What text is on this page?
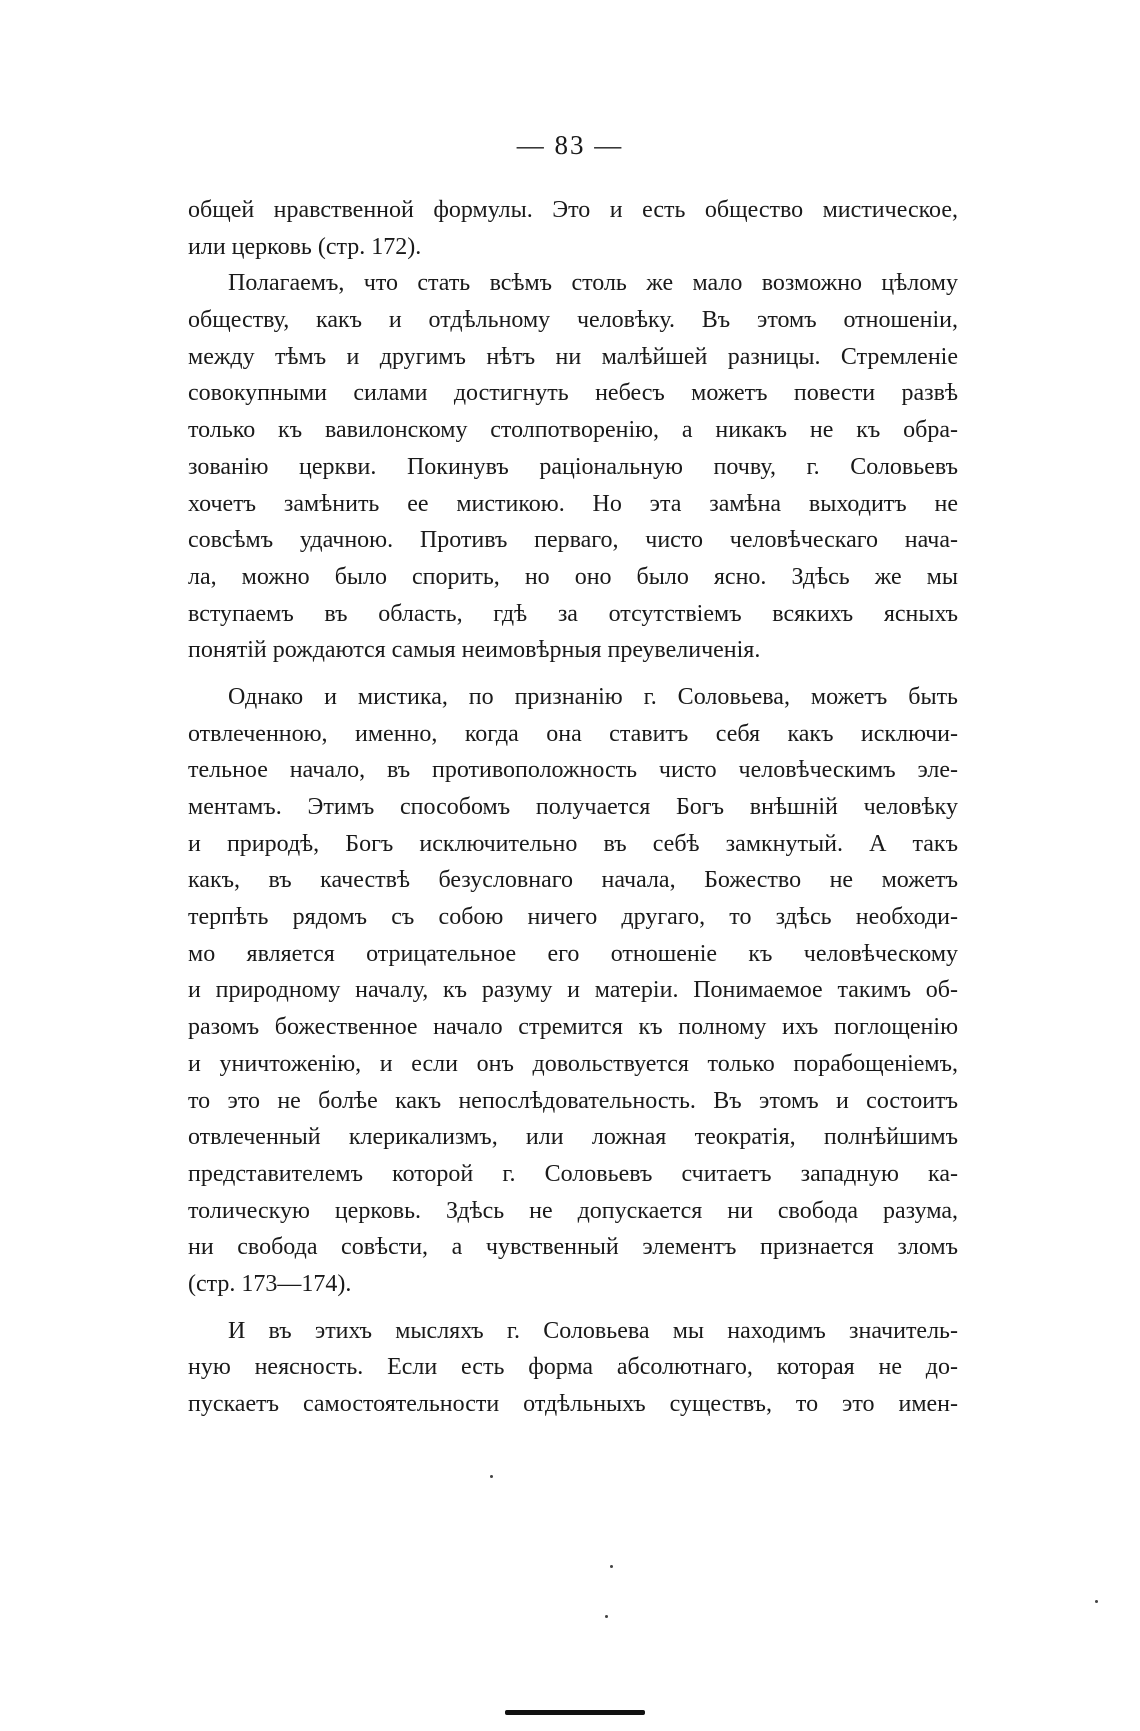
— 83 —
общей нравственной формулы. Это и есть общество мистическое,
или церковь (стр. 172).
Полагаемъ, что стать всѣмъ столь же мало возможно цѣлому
обществу, какъ и отдѣльному человѣку. Въ этомъ отношеніи,
между тѣмъ и другимъ нѣтъ ни малѣйшей разницы. Стремленіе
совокупными силами достигнуть небесъ можетъ повести развѣ
только къ вавилонскому столпотворенію, а никакъ не къ обра-
зованію церкви. Покинувъ раціональную почву, г. Соловьевъ
хочетъ замѣнить ее мистикою. Но эта замѣна выходитъ не
совсѣмъ удачною. Противъ перваго, чисто человѣческаго нача-
ла, можно было спорить, но оно было ясно. Здѣсь же мы
вступаемъ въ область, гдѣ за отсутствіемъ всякихъ ясныхъ
понятій рождаются самыя неимовѣрныя преувеличенія.
Однако и мистика, по признанію г. Соловьева, можетъ быть
отвлеченною, именно, когда она ставитъ себя какъ исключи-
тельное начало, въ противоположность чисто человѣческимъ эле-
ментамъ. Этимъ способомъ получается Богъ внѣшній человѣку
и природѣ, Богъ исключительно въ себѣ замкнутый. А такъ
какъ, въ качествѣ безусловнаго начала, Божество не можетъ
терпѣть рядомъ съ собою ничего другаго, то здѣсь необходи-
мо является отрицательное его отношеніе къ человѣческому
и природному началу, къ разуму и матеріи. Понимаемое такимъ об-
разомъ божественное начало стремится къ полному ихъ поглощенію
и уничтоженію, и если онъ довольствуется только порабощеніемъ,
то это не болѣе какъ непослѣдовательность. Въ этомъ и состоитъ
отвлеченный клерикализмъ, или ложная теократія, полнѣйшимъ
представителемъ которой г. Соловьевъ считаетъ западную ка-
толическую церковь. Здѣсь не допускается ни свобода разума,
ни свобода совѣсти, а чувственный элементъ признается зломъ
(стр. 173—174).
И въ этихъ мысляхъ г. Соловьева мы находимъ значитель-
ную неясность. Если есть форма абсолютнаго, которая не до-
пускаетъ самостоятельности отдѣльныхъ существъ, то это имен-
